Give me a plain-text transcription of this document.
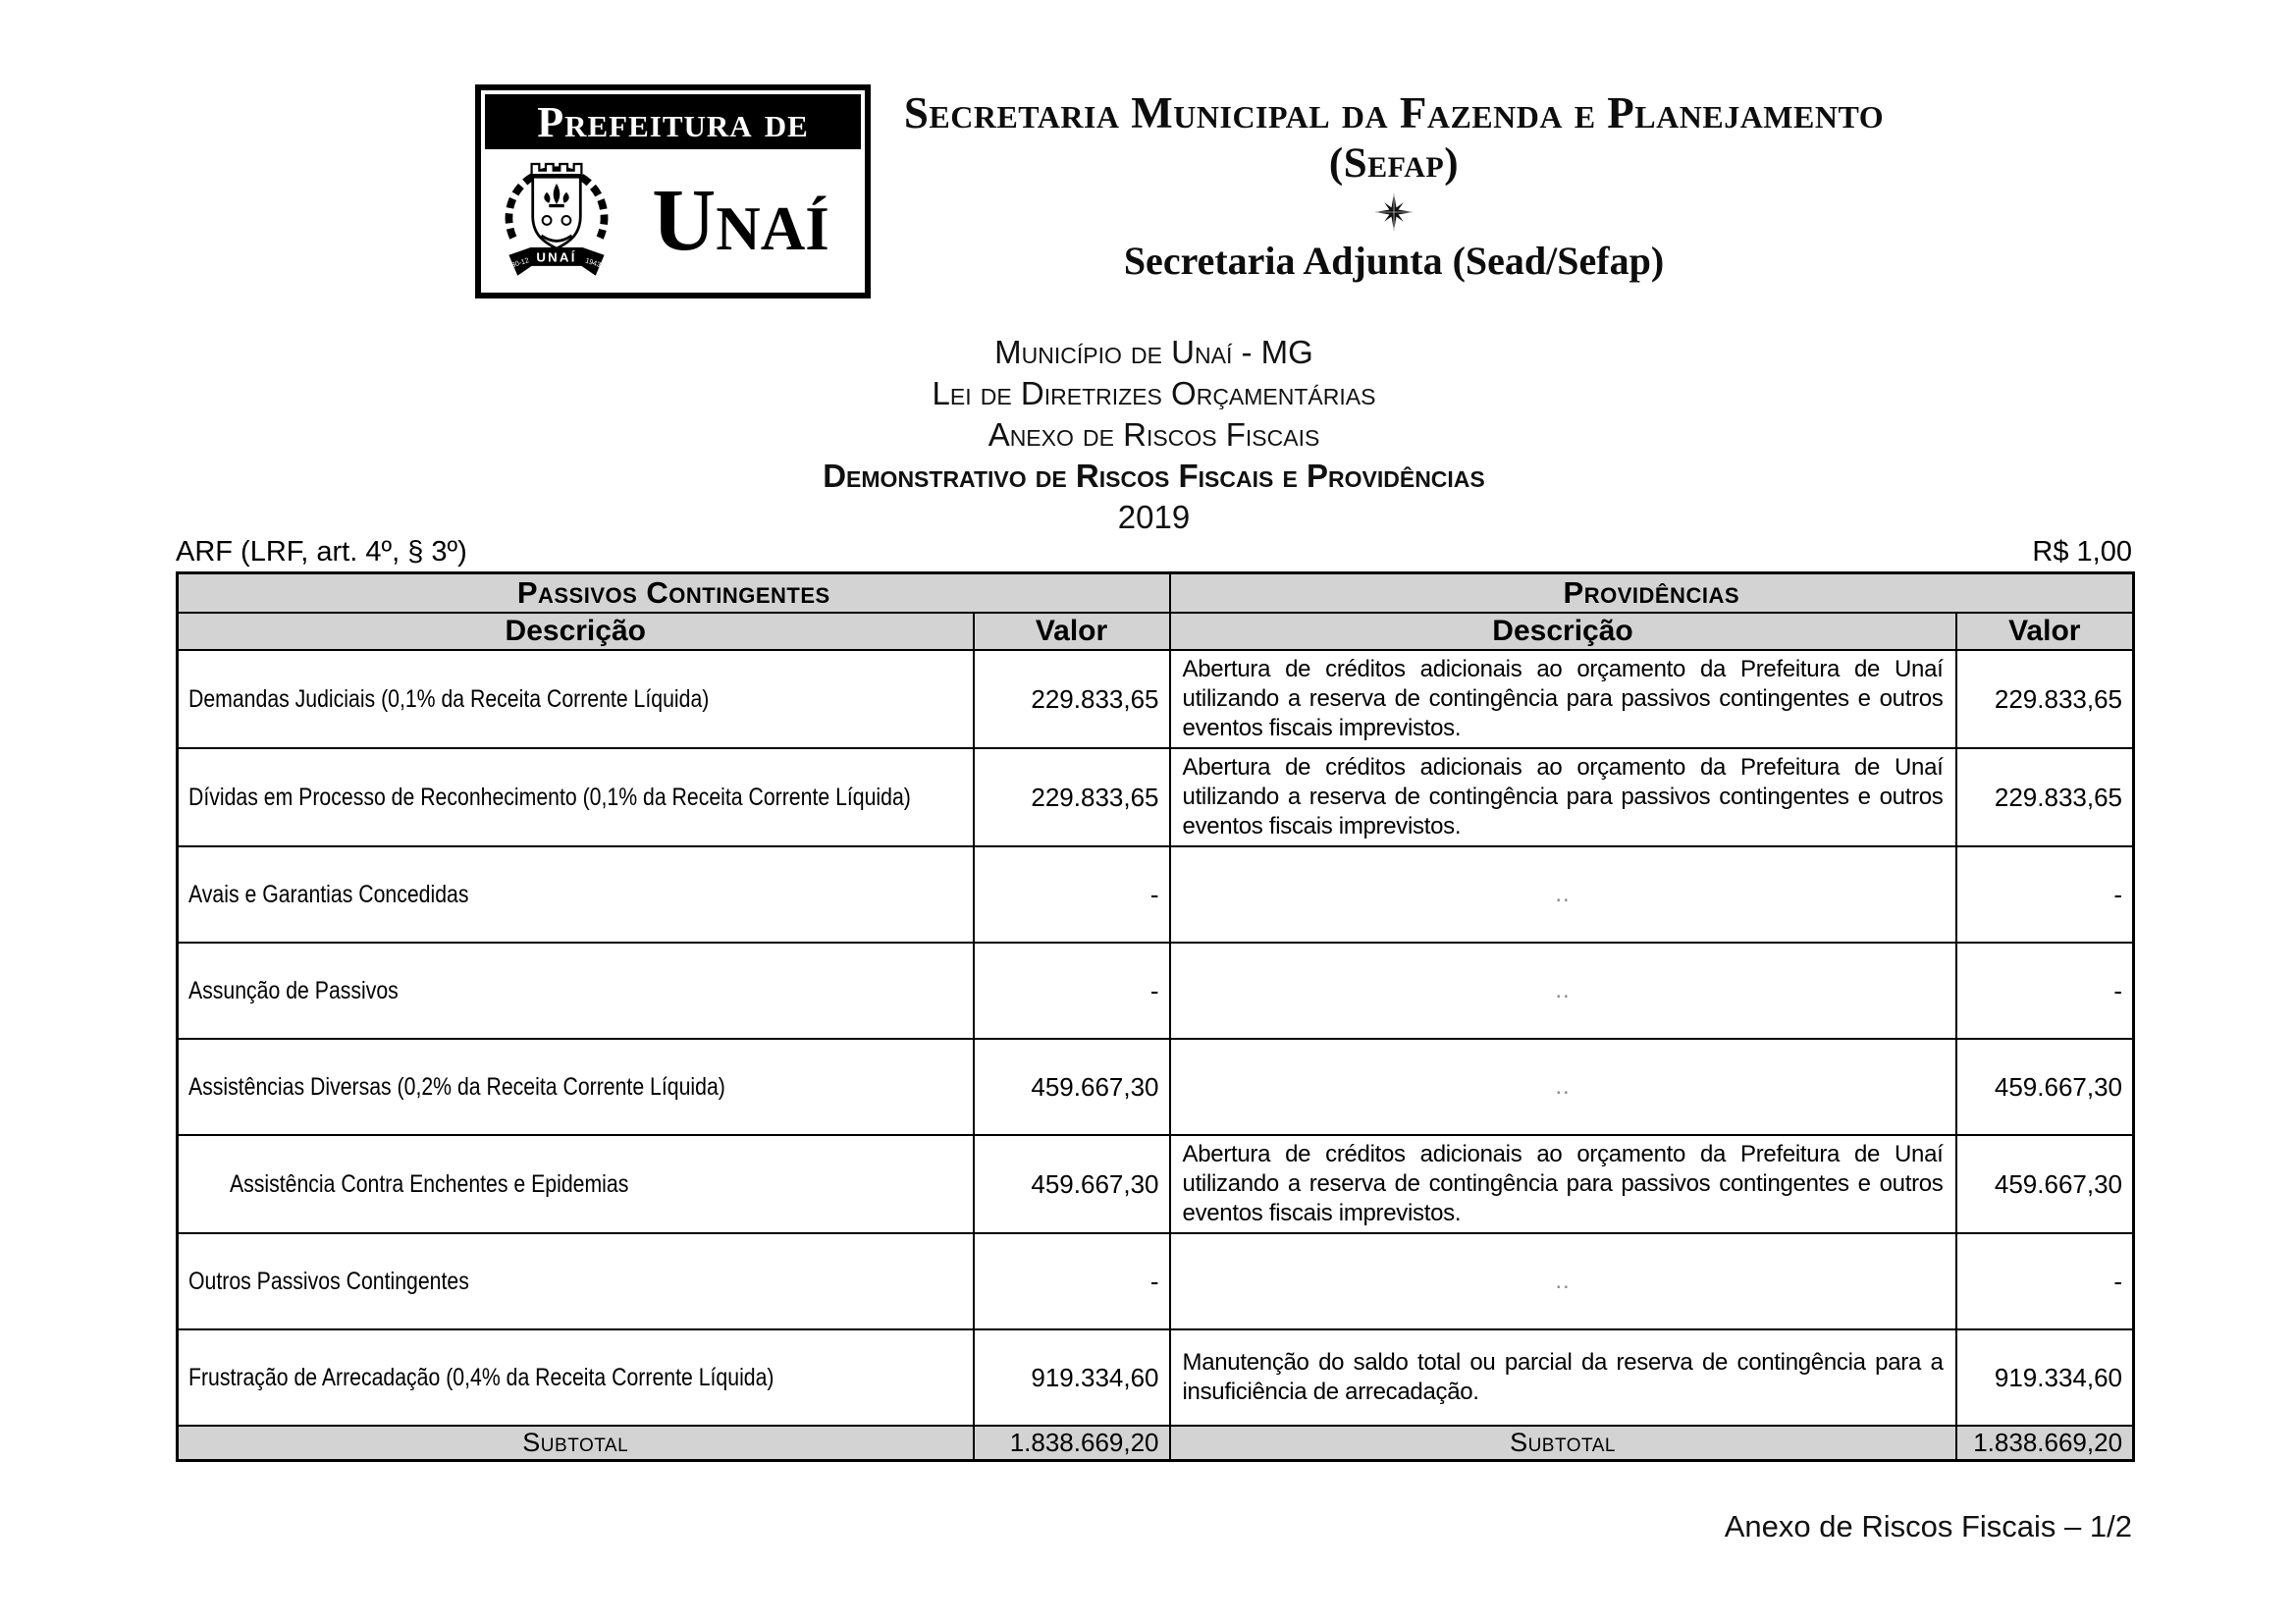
Prefeitura de
UNAÍ
30-12	1943 Unaí
Secretaria Municipal da Fazenda e Planejamento
(Sefap)
Secretaria Adjunta (Sead/Sefap)
Município de Unaí - MG
Lei de Diretrizes Orçamentárias
Anexo de Riscos Fiscais
Demonstrativo de Riscos Fiscais e Providências
2019
ARF (LRF, art. 4º, § 3º)	R$ 1,00
Passivos Contingentes		Providências	
Descrição	Valor	Descrição	Valor
Demandas Judiciais (0,1% da Receita Corrente Líquida)	229.833,65	Abertura de créditos adicionais ao orçamento da Prefeitura de Unaí utilizando a reserva de contingência para passivos contingentes e outros eventos fiscais imprevistos.	229.833,65
Dívidas em Processo de Reconhecimento (0,1% da Receita Corrente Líquida)	229.833,65	Abertura de créditos adicionais ao orçamento da Prefeitura de Unaí utilizando a reserva de contingência para passivos contingentes e outros eventos fiscais imprevistos.	229.833,65
Avais e Garantias Concedidas	-	..	-
Assunção de Passivos	-	..	-
Assistências Diversas (0,2% da Receita Corrente Líquida)	459.667,30	..	459.667,30
Assistência Contra Enchentes e Epidemias	459.667,30	Abertura de créditos adicionais ao orçamento da Prefeitura de Unaí utilizando a reserva de contingência para passivos contingentes e outros eventos fiscais imprevistos.	459.667,30
Outros Passivos Contingentes	-	..	-
Frustração de Arrecadação (0,4% da Receita Corrente Líquida)	919.334,60	Manutenção do saldo total ou parcial da reserva de contingência para a insuficiência de arrecadação.	919.334,60
Subtotal	1.838.669,20	Subtotal	1.838.669,20
Anexo de Riscos Fiscais – 1/2
